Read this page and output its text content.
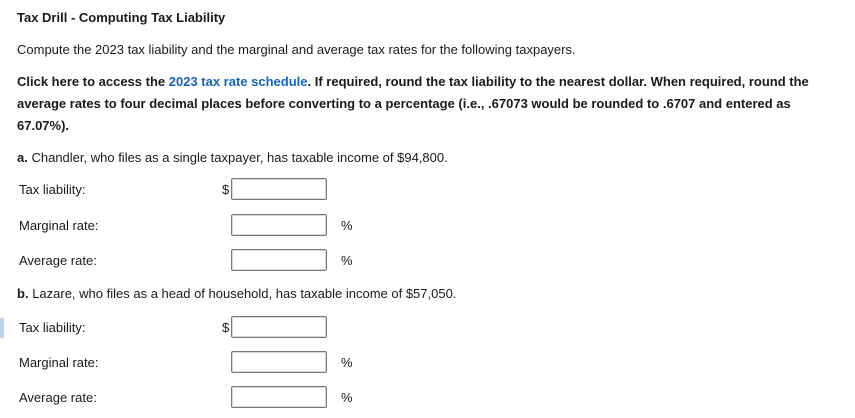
Tax Drill - Computing Tax Liability
Compute the 2023 tax liability and the marginal and average tax rates for the following taxpayers.
Click here to access the 2023 tax rate schedule. If required, round the tax liability to the nearest dollar. When required, round the average rates to four decimal places before converting to a percentage (i.e., .67073 would be rounded to .6707 and entered as 67.07%).
a. Chandler, who files as a single taxpayer, has taxable income of $94,800.
Tax liability:	$
Marginal rate:	%
Average rate:	%
b. Lazare, who files as a head of household, has taxable income of $57,050.
Tax liability:	$
Marginal rate:	%
Average rate:	%
